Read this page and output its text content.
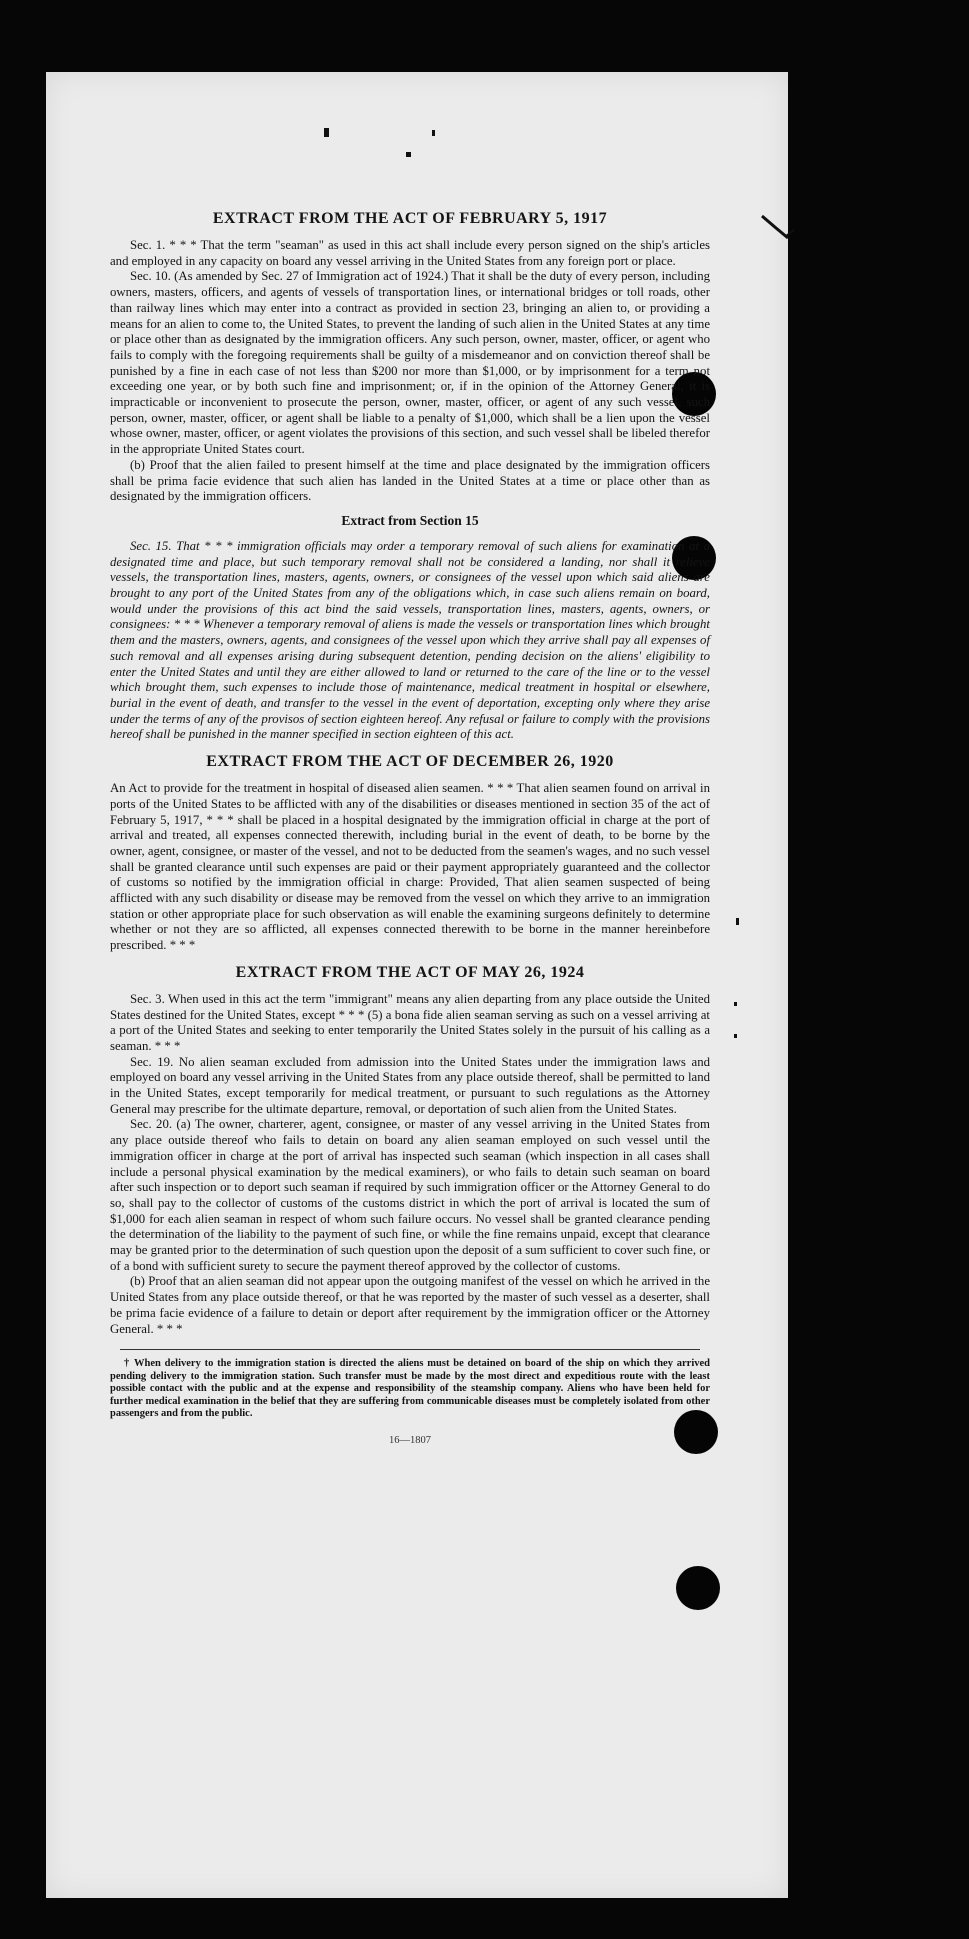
EXTRACT FROM THE ACT OF FEBRUARY 5, 1917

Sec. 1. * * * That the term "seaman" as used in this act shall include every person signed on the ship's articles and employed in any capacity on board any vessel arriving in the United States from any foreign port or place.

Sec. 10. (As amended by Sec. 27 of Immigration act of 1924.) That it shall be the duty of every person, including owners, masters, officers, and agents of vessels of transportation lines, or international bridges or toll roads, other than railway lines which may enter into a contract as provided in section 23, bringing an alien to, or providing a means for an alien to come to, the United States, to prevent the landing of such alien in the United States at any time or place other than as designated by the immigration officers. Any such person, owner, master, officer, or agent who fails to comply with the foregoing requirements shall be guilty of a misdemeanor and on conviction thereof shall be punished by a fine in each case of not less than $200 nor more than $1,000, or by imprisonment for a term not exceeding one year, or by both such fine and imprisonment; or, if in the opinion of the Attorney General, it is impracticable or inconvenient to prosecute the person, owner, master, officer, or agent of any such vessel, such person, owner, master, officer, or agent shall be liable to a penalty of $1,000, which shall be a lien upon the vessel whose owner, master, officer, or agent violates the provisions of this section, and such vessel shall be libeled therefor in the appropriate United States court.

(b) Proof that the alien failed to present himself at the time and place designated by the immigration officers shall be prima facie evidence that such alien has landed in the United States at a time or place other than as designated by the immigration officers.

Extract from Section 15

Sec. 15. That * * * immigration officials may order a temporary removal of such aliens for examination at a designated time and place, but such temporary removal shall not be considered a landing, nor shall it relieve vessels, the transportation lines, masters, agents, owners, or consignees of the vessel upon which said aliens are brought to any port of the United States from any of the obligations which, in case such aliens remain on board, would under the provisions of this act bind the said vessels, transportation lines, masters, agents, owners, or consignees: * * * Whenever a temporary removal of aliens is made the vessels or transportation lines which brought them and the masters, owners, agents, and consignees of the vessel upon which they arrive shall pay all expenses of such removal and all expenses arising during subsequent detention, pending decision on the aliens' eligibility to enter the United States and until they are either allowed to land or returned to the care of the line or to the vessel which brought them, such expenses to include those of maintenance, medical treatment in hospital or elsewhere, burial in the event of death, and transfer to the vessel in the event of deportation, excepting only where they arise under the terms of any of the provisos of section eighteen hereof. Any refusal or failure to comply with the provisions hereof shall be punished in the manner specified in section eighteen of this act.

EXTRACT FROM THE ACT OF DECEMBER 26, 1920

An Act to provide for the treatment in hospital of diseased alien seamen. * * * That alien seamen found on arrival in ports of the United States to be afflicted with any of the disabilities or diseases mentioned in section 35 of the act of February 5, 1917, * * * shall be placed in a hospital designated by the immigration official in charge at the port of arrival and treated, all expenses connected therewith, including burial in the event of death, to be borne by the owner, agent, consignee, or master of the vessel, and not to be deducted from the seamen's wages, and no such vessel shall be granted clearance until such expenses are paid or their payment appropriately guaranteed and the collector of customs so notified by the immigration official in charge: Provided, That alien seamen suspected of being afflicted with any such disability or disease may be removed from the vessel on which they arrive to an immigration station or other appropriate place for such observation as will enable the examining surgeons definitely to determine whether or not they are so afflicted, all expenses connected therewith to be borne in the manner hereinbefore prescribed. * * *

EXTRACT FROM THE ACT OF MAY 26, 1924

Sec. 3. When used in this act the term "immigrant" means any alien departing from any place outside the United States destined for the United States, except * * * (5) a bona fide alien seaman serving as such on a vessel arriving at a port of the United States and seeking to enter temporarily the United States solely in the pursuit of his calling as a seaman. * * *

Sec. 19. No alien seaman excluded from admission into the United States under the immigration laws and employed on board any vessel arriving in the United States from any place outside thereof, shall be permitted to land in the United States, except temporarily for medical treatment, or pursuant to such regulations as the Attorney General may prescribe for the ultimate departure, removal, or deportation of such alien from the United States.

Sec. 20. (a) The owner, charterer, agent, consignee, or master of any vessel arriving in the United States from any place outside thereof who fails to detain on board any alien seaman employed on such vessel until the immigration officer in charge at the port of arrival has inspected such seaman (which inspection in all cases shall include a personal physical examination by the medical examiners), or who fails to detain such seaman on board after such inspection or to deport such seaman if required by such immigration officer or the Attorney General to do so, shall pay to the collector of customs of the customs district in which the port of arrival is located the sum of $1,000 for each alien seaman in respect of whom such failure occurs. No vessel shall be granted clearance pending the determination of the liability to the payment of such fine, or while the fine remains unpaid, except that clearance may be granted prior to the determination of such question upon the deposit of a sum sufficient to cover such fine, or of a bond with sufficient surety to secure the payment thereof approved by the collector of customs.

(b) Proof that an alien seaman did not appear upon the outgoing manifest of the vessel on which he arrived in the United States from any place outside thereof, or that he was reported by the master of such vessel as a deserter, shall be prima facie evidence of a failure to detain or deport after requirement by the immigration officer or the Attorney General. * * *

† When delivery to the immigration station is directed the aliens must be detained on board of the ship on which they arrived pending delivery to the immigration station. Such transfer must be made by the most direct and expeditious route with the least possible contact with the public and at the expense and responsibility of the steamship company. Aliens who have been held for further medical examination in the belief that they are suffering from communicable diseases must be completely isolated from other passengers and from the public.

16—1807
